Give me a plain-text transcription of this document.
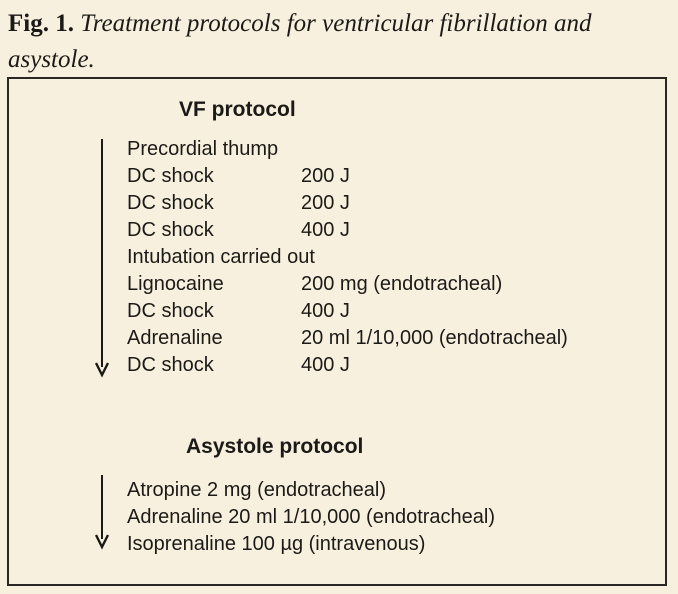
Fig. 1. Treatment protocols for ventricular fibrillation and asystole.

VF protocol
Precordial thump
DC shock	200 J
DC shock	200 J
DC shock	400 J
Intubation carried out
Lignocaine	200 mg (endotracheal)
DC shock	400 J
Adrenaline	20 ml 1/10,000 (endotracheal)
DC shock	400 J
Asystole protocol
Atropine 2 mg (endotracheal)
Adrenaline 20 ml 1/10,000 (endotracheal)
Isoprenaline 100 µg (intravenous)
